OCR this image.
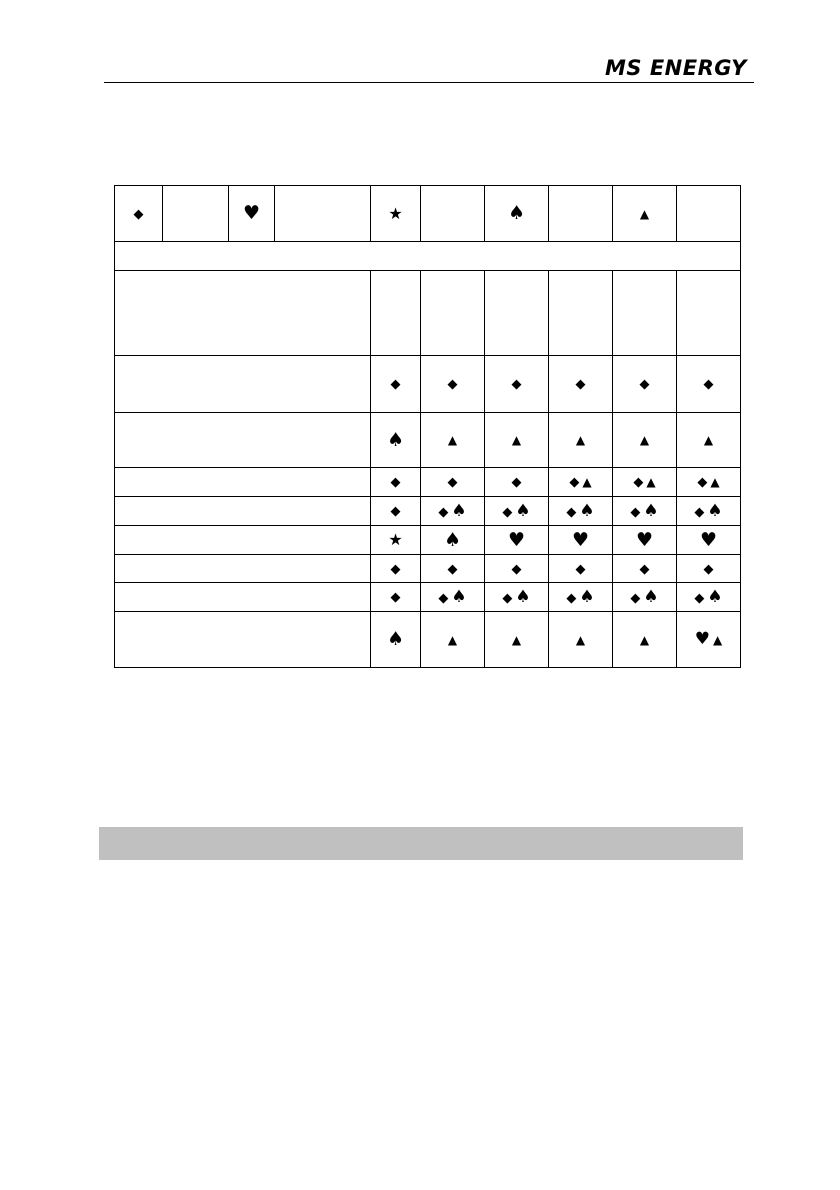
MS ENERGY
◆		♥		★		♠		▲	

				◆	◆	◆	◆	◆	◆
				♠	▲	▲	▲	▲	▲
				◆	◆	◆	◆ ▲	◆ ▲	◆ ▲
				◆	◆ ♠	◆ ♠	◆ ♠	◆ ♠	◆ ♠
				★	♠	♥	♥	♥	♥
				◆	◆	◆	◆	◆	◆
				◆	◆ ♠	◆ ♠	◆ ♠	◆ ♠	◆ ♠
				♠	▲	▲	▲	▲	♥ ▲
